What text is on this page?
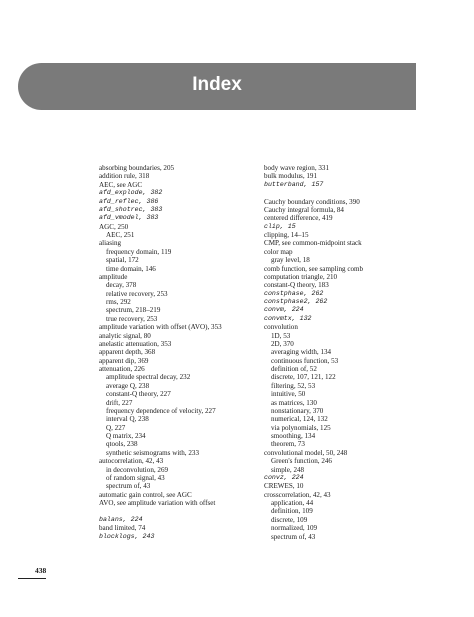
Index
absorbing boundaries, 205
addition rule, 318
AEC, see AGC
afd_explode, 382
afd_reflec, 386
afd_shotrec, 383
afd_vmodel, 383
AGC, 250
AEC, 251
aliasing
frequency domain, 119
spatial, 172
time domain, 146
amplitude
decay, 378
relative recovery, 253
rms, 292
spectrum, 218–219
true recovery, 253
amplitude variation with offset (AVO), 353
analytic signal, 80
anelastic attenuation, 353
apparent depth, 368
apparent dip, 369
attenuation, 226
amplitude spectral decay, 232
average Q, 238
constant-Q theory, 227
drift, 227
frequency dependence of velocity, 227
interval Q, 238
Q, 227
Q matrix, 234
qtools, 238
synthetic seismograms with, 233
autocorrelation, 42, 43
in deconvolution, 269
of random signal, 43
spectrum of, 43
automatic gain control, see AGC
AVO, see amplitude variation with offset
balans, 224
band limited, 74
blocklogs, 243
body wave region, 331
bulk modulus, 191
butterband, 157
Cauchy boundary conditions, 390
Cauchy integral formula, 84
centered difference, 419
clip, 15
clipping, 14–15
CMP, see common-midpoint stack
color map
gray level, 18
comb function, see sampling comb
computation triangle, 210
constant-Q theory, 183
constphase, 262
constphase2, 262
convm, 224
convmtx, 132
convolution
1D, 53
2D, 370
averaging width, 134
continuous function, 53
definition of, 52
discrete, 107, 121, 122
filtering, 52, 53
intuitive, 50
as matrices, 130
nonstationary, 370
numerical, 124, 132
via polynomials, 125
smoothing, 134
theorem, 73
convolutional model, 50, 248
Green's function, 246
simple, 248
convz, 224
CREWES, 10
crosscorrelation, 42, 43
application, 44
definition, 109
discrete, 109
normalized, 109
spectrum of, 43
438
